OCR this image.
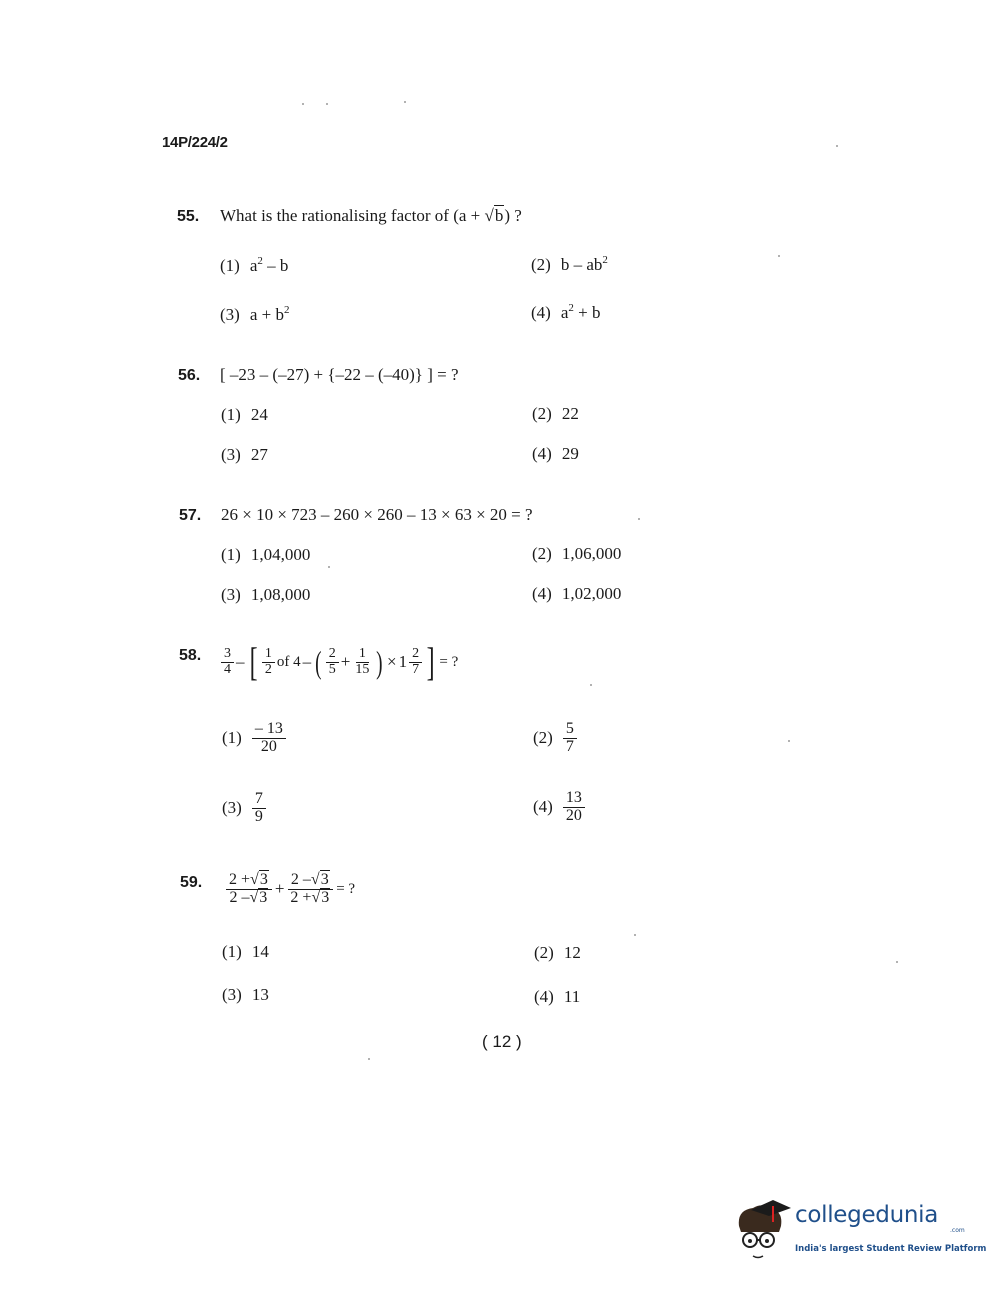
14P/224/2
55. What is the rationalising factor of (a + √b) ?
(1) $a^2$ – b	(2) b – $ab^2$
(3) $a + b^2$	(4) $a^2 + b$
56. [ –23 – (–27) + {–22 – (–40)} ] = ?
(1) 24	(2) 22
(3) 27	(4) 29
57. 26 × 10 × 723 – 260 × 260 – 13 × 63 × 20 = ?
(1) 1,04,000	(2) 1,06,000
(3) 1,08,000	(4) 1,02,000
58. $\frac{3}{4}$ – [ $\frac{1}{2}$ of 4 – ( $\frac{2}{5} + \frac{1}{15}$ ) × $1 \frac{2}{7}$ ] = ?
$(1) \frac{- 13}{20}$	$(2) \frac{5}{7}$
$(3) \frac{7}{9}$	$(4) \frac{13}{20}$
59. $\frac{2 +√3}{2 -√3} + \frac{2 -√3}{2 +√3}$ = ?
(1) 14	(2) 12
(3) 13	(4) 11
( 12 )
collegedunia
.com
India's largest Student Review Platform
